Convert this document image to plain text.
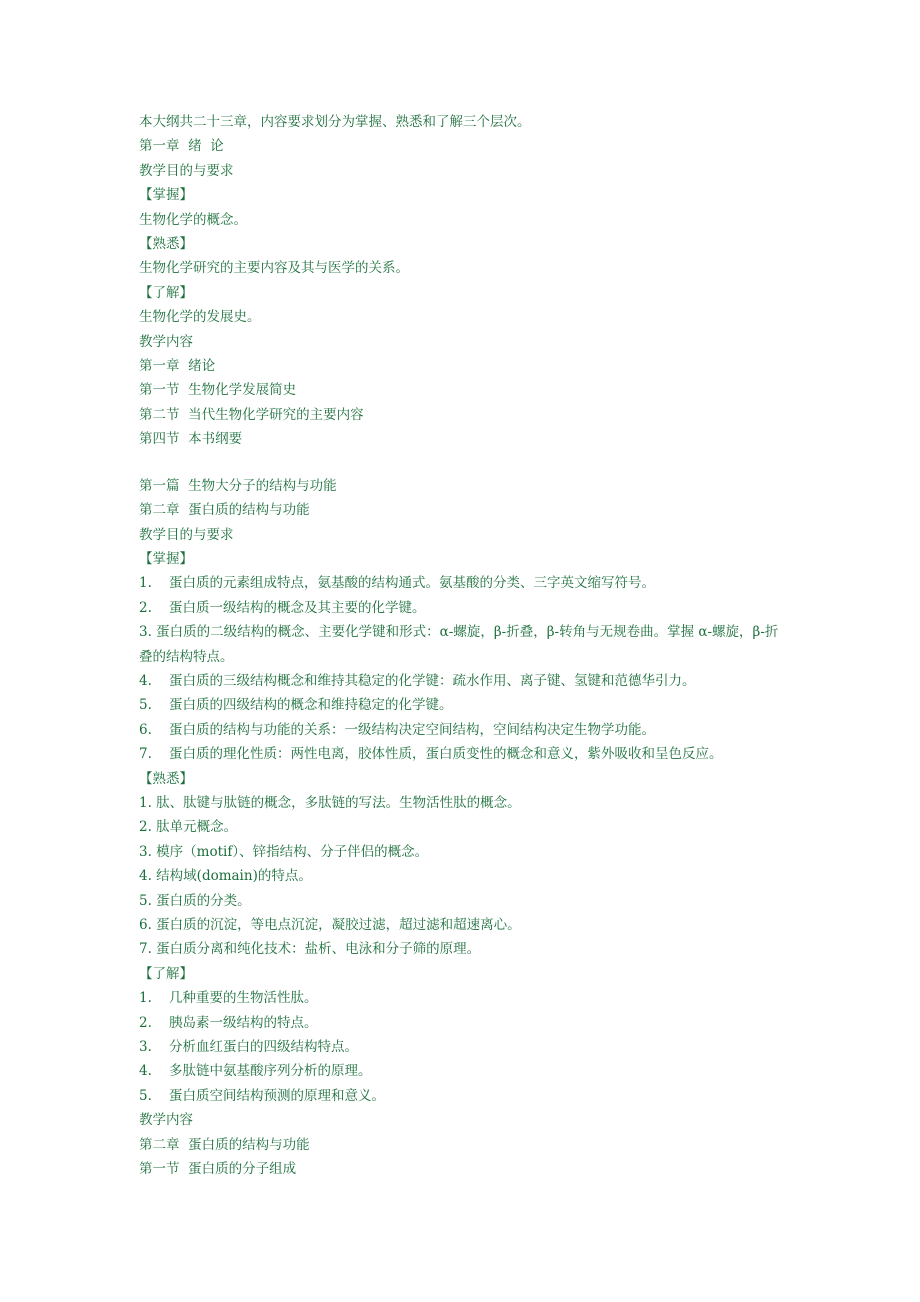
本大纲共二十三章，内容要求划分为掌握、熟悉和了解三个层次。
第一章  绪  论
教学目的与要求
【掌握】
生物化学的概念。
【熟悉】
生物化学研究的主要内容及其与医学的关系。
【了解】
生物化学的发展史。
教学内容
第一章  绪论
第一节  生物化学发展简史
第二节  当代生物化学研究的主要内容
第四节  本书纲要
第一篇  生物大分子的结构与功能
第二章  蛋白质的结构与功能
教学目的与要求
【掌握】
1.    蛋白质的元素组成特点，氨基酸的结构通式。氨基酸的分类、三字英文缩写符号。
2.    蛋白质一级结构的概念及其主要的化学键。
3. 蛋白质的二级结构的概念、主要化学键和形式：α-螺旋，β-折叠，β-转角与无规卷曲。掌握 α-螺旋，β-折叠的结构特点。
4.    蛋白质的三级结构概念和维持其稳定的化学键：疏水作用、离子键、氢键和范德华引力。
5.    蛋白质的四级结构的概念和维持稳定的化学键。
6.    蛋白质的结构与功能的关系：一级结构决定空间结构，空间结构决定生物学功能。
7.    蛋白质的理化性质：两性电离，胶体性质，蛋白质变性的概念和意义，紫外吸收和呈色反应。
【熟悉】
1. 肽、肽键与肽链的概念，多肽链的写法。生物活性肽的概念。
2. 肽单元概念。
3. 模序（motif）、锌指结构、分子伴侣的概念。
4. 结构域(domain)的特点。
5. 蛋白质的分类。
6. 蛋白质的沉淀，等电点沉淀，凝胶过滤，超过滤和超速离心。
7. 蛋白质分离和纯化技术：盐析、电泳和分子筛的原理。
【了解】
1.    几种重要的生物活性肽。
2.    胰岛素一级结构的特点。
3.    分析血红蛋白的四级结构特点。
4.    多肽链中氨基酸序列分析的原理。
5.    蛋白质空间结构预测的原理和意义。
教学内容
第二章  蛋白质的结构与功能
第一节  蛋白质的分子组成
